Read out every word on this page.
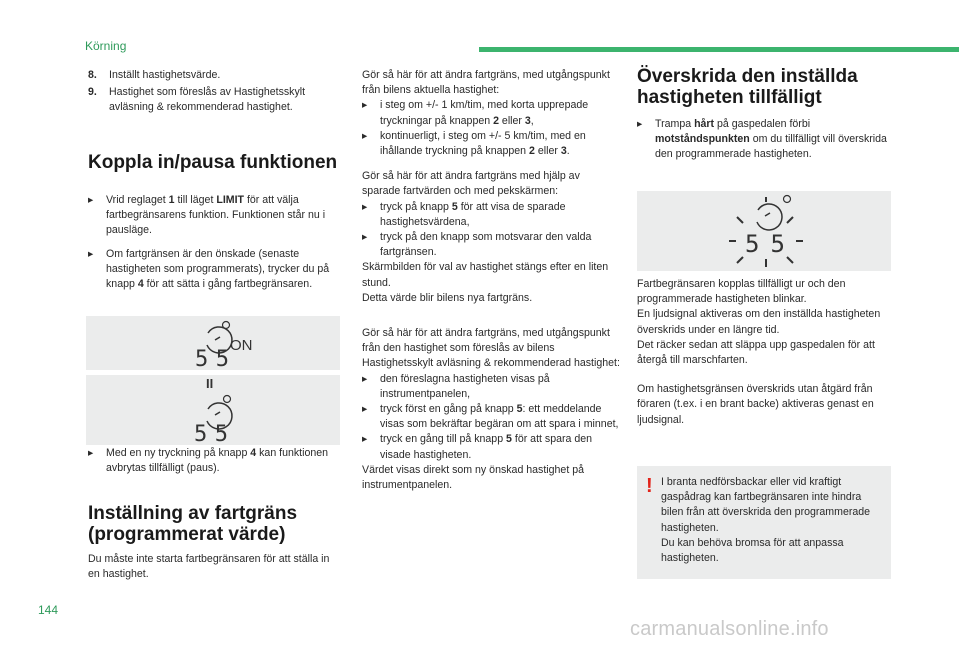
Körning

8. Inställt hastighetsvärde.

9. Hastighet som föreslås av Hastighetsskylt avläsning & rekommenderad hastighet.

Koppla in/pausa funktionen

▸ Vrid reglaget 1 till läget LIMIT för att välja fartbegränsarens funktion. Funktionen står nu i pausläge.

▸ Om fartgränsen är den önskade (senaste hastigheten som programmerats), trycker du på knapp 4 för att sätta i gång fartbegränsaren.

55
ON
II
55

▸ Med en ny tryckning på knapp 4 kan funktionen avbrytas tillfälligt (paus).

Inställning av fartgräns (programmerat värde)

Du måste inte starta fartbegränsaren för att ställa in en hastighet.

Gör så här för att ändra fartgräns, med utgångspunkt från bilens aktuella hastighet:

▸ i steg om +/- 1 km/tim, med korta upprepade tryckningar på knappen 2 eller 3,

▸ kontinuerligt, i steg om +/- 5 km/tim, med en ihållande tryckning på knappen 2 eller 3.

Gör så här för att ändra fartgräns med hjälp av sparade fartvärden och med pekskärmen:

▸ tryck på knapp 5 för att visa de sparade hastighetsvärdena,

▸ tryck på den knapp som motsvarar den valda fartgränsen.

Skärmbilden för val av hastighet stängs efter en liten stund.

Detta värde blir bilens nya fartgräns.

Gör så här för att ändra fartgräns, med utgångspunkt från den hastighet som föreslås av bilens Hastighetsskylt avläsning & rekommenderad hastighet:

▸ den föreslagna hastigheten visas på instrumentpanelen,

▸ tryck först en gång på knapp 5: ett meddelande visas som bekräftar begäran om att spara i minnet,

▸ tryck en gång till på knapp 5 för att spara den visade hastigheten.

Värdet visas direkt som ny önskad hastighet på instrumentpanelen.

Överskrida den inställda hastigheten tillfälligt

▸ Trampa hårt på gaspedalen förbi motståndspunkten om du tillfälligt vill överskrida den programmerade hastigheten.

55

Fartbegränsaren kopplas tillfälligt ur och den programmerade hastigheten blinkar.

En ljudsignal aktiveras om den inställda hastigheten överskrids under en längre tid.

Det räcker sedan att släppa upp gaspedalen för att återgå till marschfarten.

Om hastighetsgränsen överskrids utan åtgärd från föraren (t.ex. i en brant backe) aktiveras genast en ljudsignal.

! I branta nedförsbackar eller vid kraftigt gaspådrag kan fartbegränsaren inte hindra bilen från att överskrida den programmerade hastigheten.

Du kan behöva bromsa för att anpassa hastigheten.

144
carmanualsonline.info
